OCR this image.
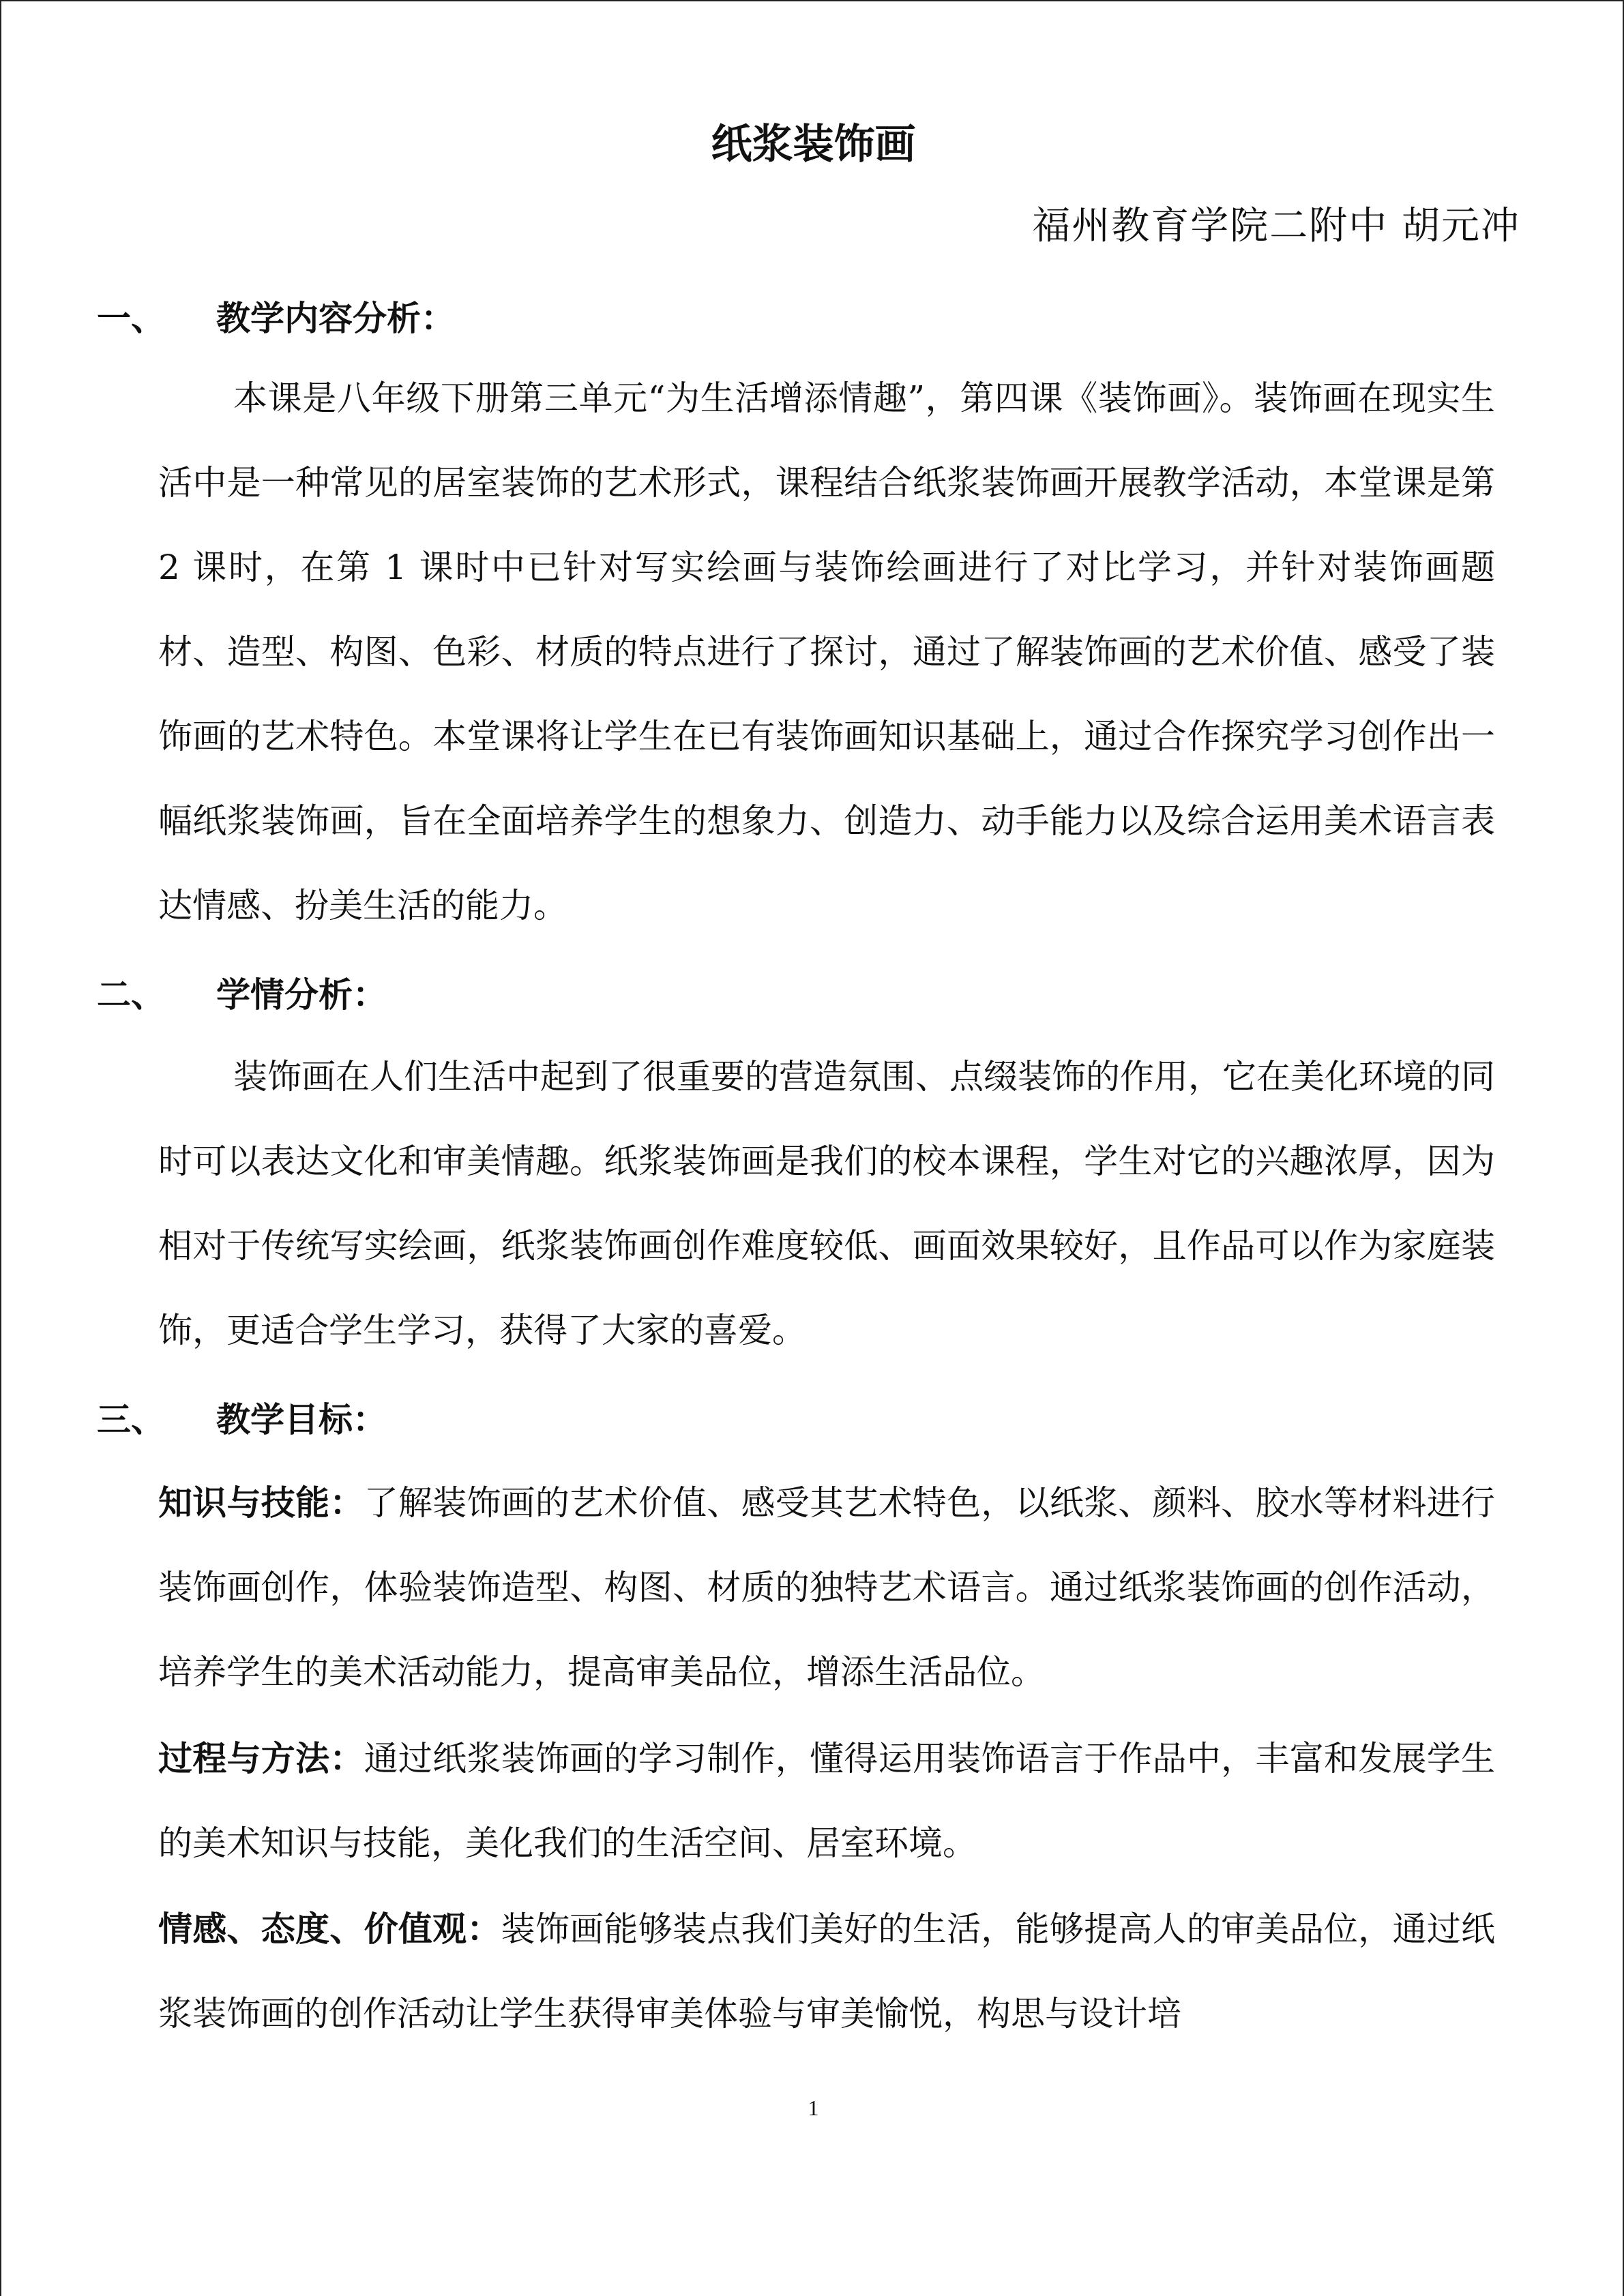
纸浆装饰画
福州教育学院二附中 胡元冲
一、 教学内容分析：

本课是八年级下册第三单元“为生活增添情趣”，第四课《装饰画》。装饰画在现实生活中是一种常见的居室装饰的艺术形式，课程结合纸浆装饰画开展教学活动，本堂课是第 2 课时，在第 1 课时中已针对写实绘画与装饰绘画进行了对比学习，并针对装饰画题材、造型、构图、色彩、材质的特点进行了探讨，通过了解装饰画的艺术价值、感受了装饰画的艺术特色。本堂课将让学生在已有装饰画知识基础上，通过合作探究学习创作出一幅纸浆装饰画，旨在全面培养学生的想象力、创造力、动手能力以及综合运用美术语言表达情感、扮美生活的能力。

二、 学情分析：

装饰画在人们生活中起到了很重要的营造氛围、点缀装饰的作用，它在美化环境的同时可以表达文化和审美情趣。纸浆装饰画是我们的校本课程，学生对它的兴趣浓厚，因为相对于传统写实绘画，纸浆装饰画创作难度较低、画面效果较好，且作品可以作为家庭装饰，更适合学生学习，获得了大家的喜爱。

三、 教学目标：

知识与技能：了解装饰画的艺术价值、感受其艺术特色，以纸浆、颜料、胶水等材料进行装饰画创作，体验装饰造型、构图、材质的独特艺术语言。通过纸浆装饰画的创作活动，培养学生的美术活动能力，提高审美品位，增添生活品位。

过程与方法：通过纸浆装饰画的学习制作，懂得运用装饰语言于作品中，丰富和发展学生的美术知识与技能，美化我们的生活空间、居室环境。

情感、态度、价值观：装饰画能够装点我们美好的生活，能够提高人的审美品位，通过纸浆装饰画的创作活动让学生获得审美体验与审美愉悦，构思与设计培

1
